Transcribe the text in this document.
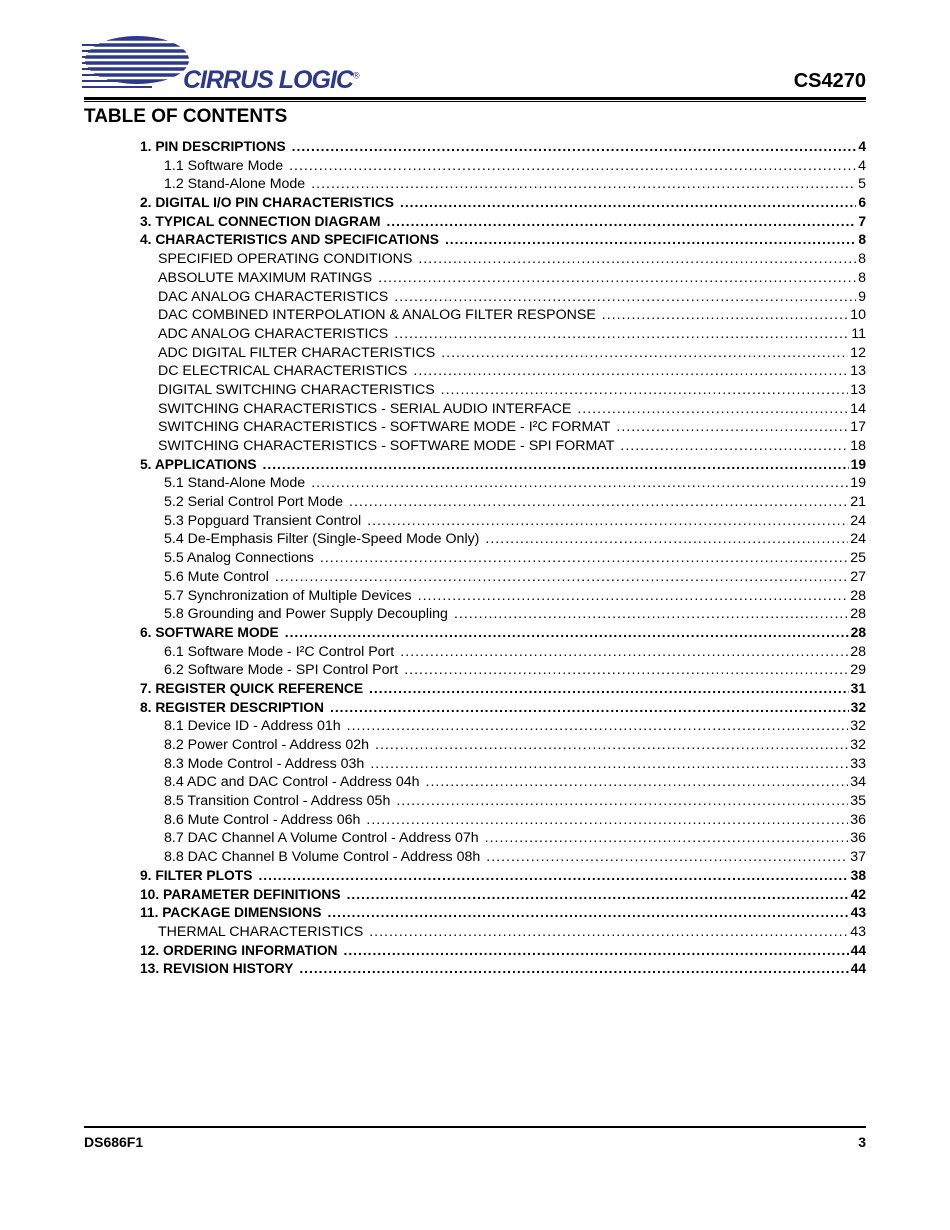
CIRRUS LOGIC®	CS4270
TABLE OF CONTENTS
1. PIN DESCRIPTIONS .....	4
1.1 Software Mode .....	4
1.2 Stand-Alone Mode .....	5
2. DIGITAL I/O PIN CHARACTERISTICS .....	6
3. TYPICAL CONNECTION DIAGRAM .....	7
4. CHARACTERISTICS AND SPECIFICATIONS .....	8
SPECIFIED OPERATING CONDITIONS .....	8
ABSOLUTE MAXIMUM RATINGS .....	8
DAC ANALOG CHARACTERISTICS .....	9
DAC COMBINED INTERPOLATION & ANALOG FILTER RESPONSE .....	10
ADC ANALOG CHARACTERISTICS .....	11
ADC DIGITAL FILTER CHARACTERISTICS .....	12
DC ELECTRICAL CHARACTERISTICS .....	13
DIGITAL SWITCHING CHARACTERISTICS .....	13
SWITCHING CHARACTERISTICS - SERIAL AUDIO INTERFACE .....	14
SWITCHING CHARACTERISTICS - SOFTWARE MODE - I²C FORMAT .....	17
SWITCHING CHARACTERISTICS - SOFTWARE MODE - SPI FORMAT .....	18
5. APPLICATIONS .....	19
5.1 Stand-Alone Mode .....	19
5.2 Serial Control Port Mode .....	21
5.3 Popguard Transient Control .....	24
5.4 De-Emphasis Filter (Single-Speed Mode Only) .....	24
5.5 Analog Connections .....	25
5.6 Mute Control .....	27
5.7 Synchronization of Multiple Devices .....	28
5.8 Grounding and Power Supply Decoupling .....	28
6. SOFTWARE MODE .....	28
6.1 Software Mode - I²C Control Port .....	28
6.2 Software Mode - SPI Control Port .....	29
7. REGISTER QUICK REFERENCE .....	31
8. REGISTER DESCRIPTION .....	32
8.1 Device ID - Address 01h .....	32
8.2 Power Control - Address 02h .....	32
8.3 Mode Control - Address 03h .....	33
8.4 ADC and DAC Control - Address 04h .....	34
8.5 Transition Control - Address 05h .....	35
8.6 Mute Control - Address 06h .....	36
8.7 DAC Channel A Volume Control - Address 07h .....	36
8.8 DAC Channel B Volume Control - Address 08h .....	37
9. FILTER PLOTS .....	38
10. PARAMETER DEFINITIONS .....	42
11. PACKAGE DIMENSIONS .....	43
THERMAL CHARACTERISTICS .....	43
12. ORDERING INFORMATION .....	44
13. REVISION HISTORY .....	44
DS686F1	3
